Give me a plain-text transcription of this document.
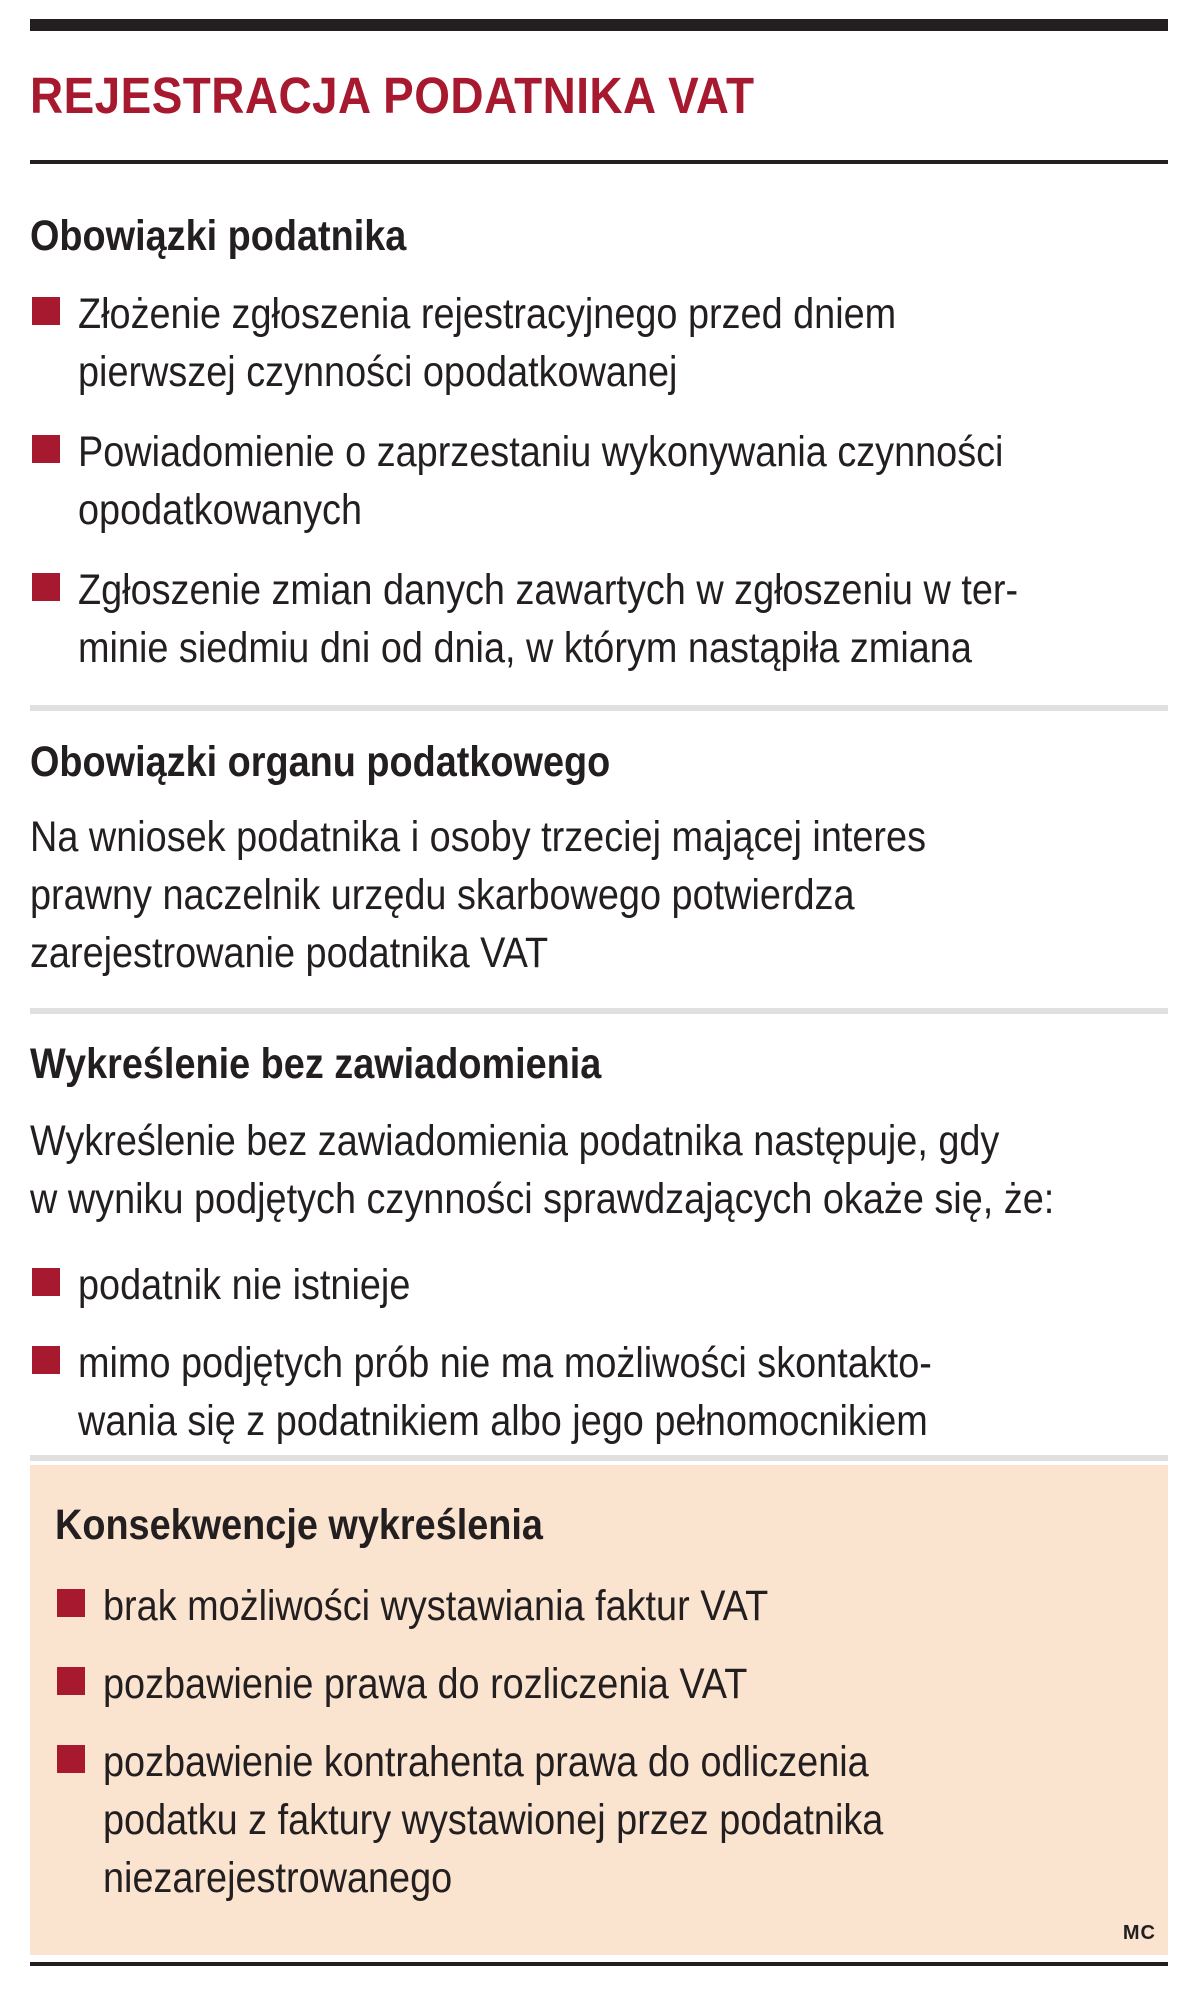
REJESTRACJA PODATNIKA VAT
Obowiązki podatnika
Złożenie zgłoszenia rejestracyjnego przed dniem
pierwszej czynności opodatkowanej
Powiadomienie o zaprzestaniu wykonywania czynności
opodatkowanych
Zgłoszenie zmian danych zawartych w zgłoszeniu w ter-
minie siedmiu dni od dnia, w którym nastąpiła zmiana
Obowiązki organu podatkowego
Na wniosek podatnika i osoby trzeciej mającej interes
prawny naczelnik urzędu skarbowego potwierdza
zarejestrowanie podatnika VAT
Wykreślenie bez zawiadomienia
Wykreślenie bez zawiadomienia podatnika następuje, gdy
w wyniku podjętych czynności sprawdzających okaże się, że:
podatnik nie istnieje
mimo podjętych prób nie ma możliwości skontakto-
wania się z podatnikiem albo jego pełnomocnikiem
Konsekwencje wykreślenia
brak możliwości wystawiania faktur VAT
pozbawienie prawa do rozliczenia VAT
pozbawienie kontrahenta prawa do odliczenia
podatku z faktury wystawionej przez podatnika
niezarejestrowanego
MC
